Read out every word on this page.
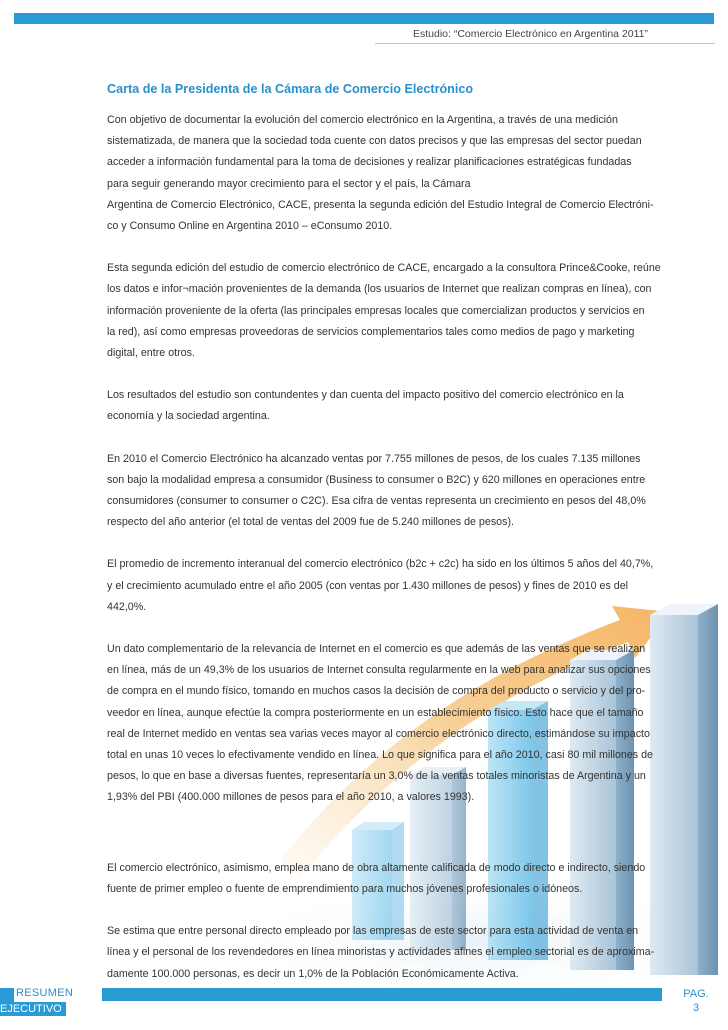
Estudio: “Comercio Electrónico en Argentina 2011”
Carta de la Presidenta de la Cámara de Comercio Electrónico

Con objetivo de documentar la evolución del comercio electrónico en la Argentina, a través de una medición

sistematizada, de manera que la sociedad toda cuente con datos precisos y que las empresas del sector puedan

acceder a información fundamental para la toma de decisiones y realizar planificaciones estratégicas fundadas

para seguir generando mayor crecimiento para el sector y el país, la Cámara

Argentina de Comercio Electrónico, CACE, presenta la segunda edición del Estudio Integral de Comercio Electróni-

co y Consumo Online en Argentina 2010 – eConsumo 2010.

Esta segunda edición del estudio de comercio electrónico de CACE, encargado a la consultora Prince&Cooke, reúne

los datos e infor¬mación provenientes de la demanda (los usuarios de Internet que realizan compras en línea), con

información proveniente de la oferta (las principales empresas locales que comercializan productos y servicios en

la red), así como empresas proveedoras de servicios complementarios tales como medios de pago y marketing

digital, entre otros.

Los resultados del estudio son contundentes y dan cuenta del impacto positivo del comercio electrónico en la

economía y la sociedad argentina.

En 2010 el Comercio Electrónico ha alcanzado ventas por 7.755 millones de pesos, de los cuales 7.135 millones

son bajo la modalidad empresa a consumidor (Business to consumer o B2C) y 620 millones en operaciones entre

consumidores (consumer to consumer o C2C). Esa cifra de ventas representa un crecimiento en pesos del 48,0%

respecto del año anterior (el total de ventas del 2009 fue de 5.240 millones de pesos).

El promedio de incremento interanual del comercio electrónico (b2c + c2c) ha sido en los últimos 5 años del 40,7%,

y el crecimiento acumulado entre el año 2005 (con ventas por 1.430 millones de pesos) y fines de 2010 es del

442,0%.

Un dato complementario de la relevancia de Internet en el comercio es que además de las ventas que se realizan

en línea, más de un 49,3% de los usuarios de Internet consulta regularmente en la web para analizar sus opciones

de compra en el mundo físico, tomando en muchos casos la decisión de compra del producto o servicio y del pro-

veedor en línea, aunque efectúe la compra posteriormente en un establecimiento físico. Esto hace que el tamaño

real de Internet medido en ventas sea varias veces mayor al comercio electrónico directo, estimándose su impacto

total en unas 10 veces lo efectivamente vendido en línea. Lo que significa para el año 2010, casi 80 mil millones de

pesos, lo que en base a diversas fuentes, representaría un 3,0% de la ventas totales minoristas de Argentina y un

1,93% del PBI (400.000 millones de pesos para el año 2010, a valores 1993).

El comercio electrónico, asimismo, emplea mano de obra altamente calificada de modo directo e indirecto, siendo

fuente de primer empleo o fuente de emprendimiento para muchos jóvenes profesionales o idóneos.

Se estima que entre personal directo empleado por las empresas de este sector para esta actividad de venta en

línea y el personal de los revendedores en línea minoristas y actividades afines el empleo sectorial es de aproxima-

damente 100.000 personas, es decir un 1,0% de la Población Económicamente Activa.

RESUMEN
EJECUTIVO
PAG.
3
